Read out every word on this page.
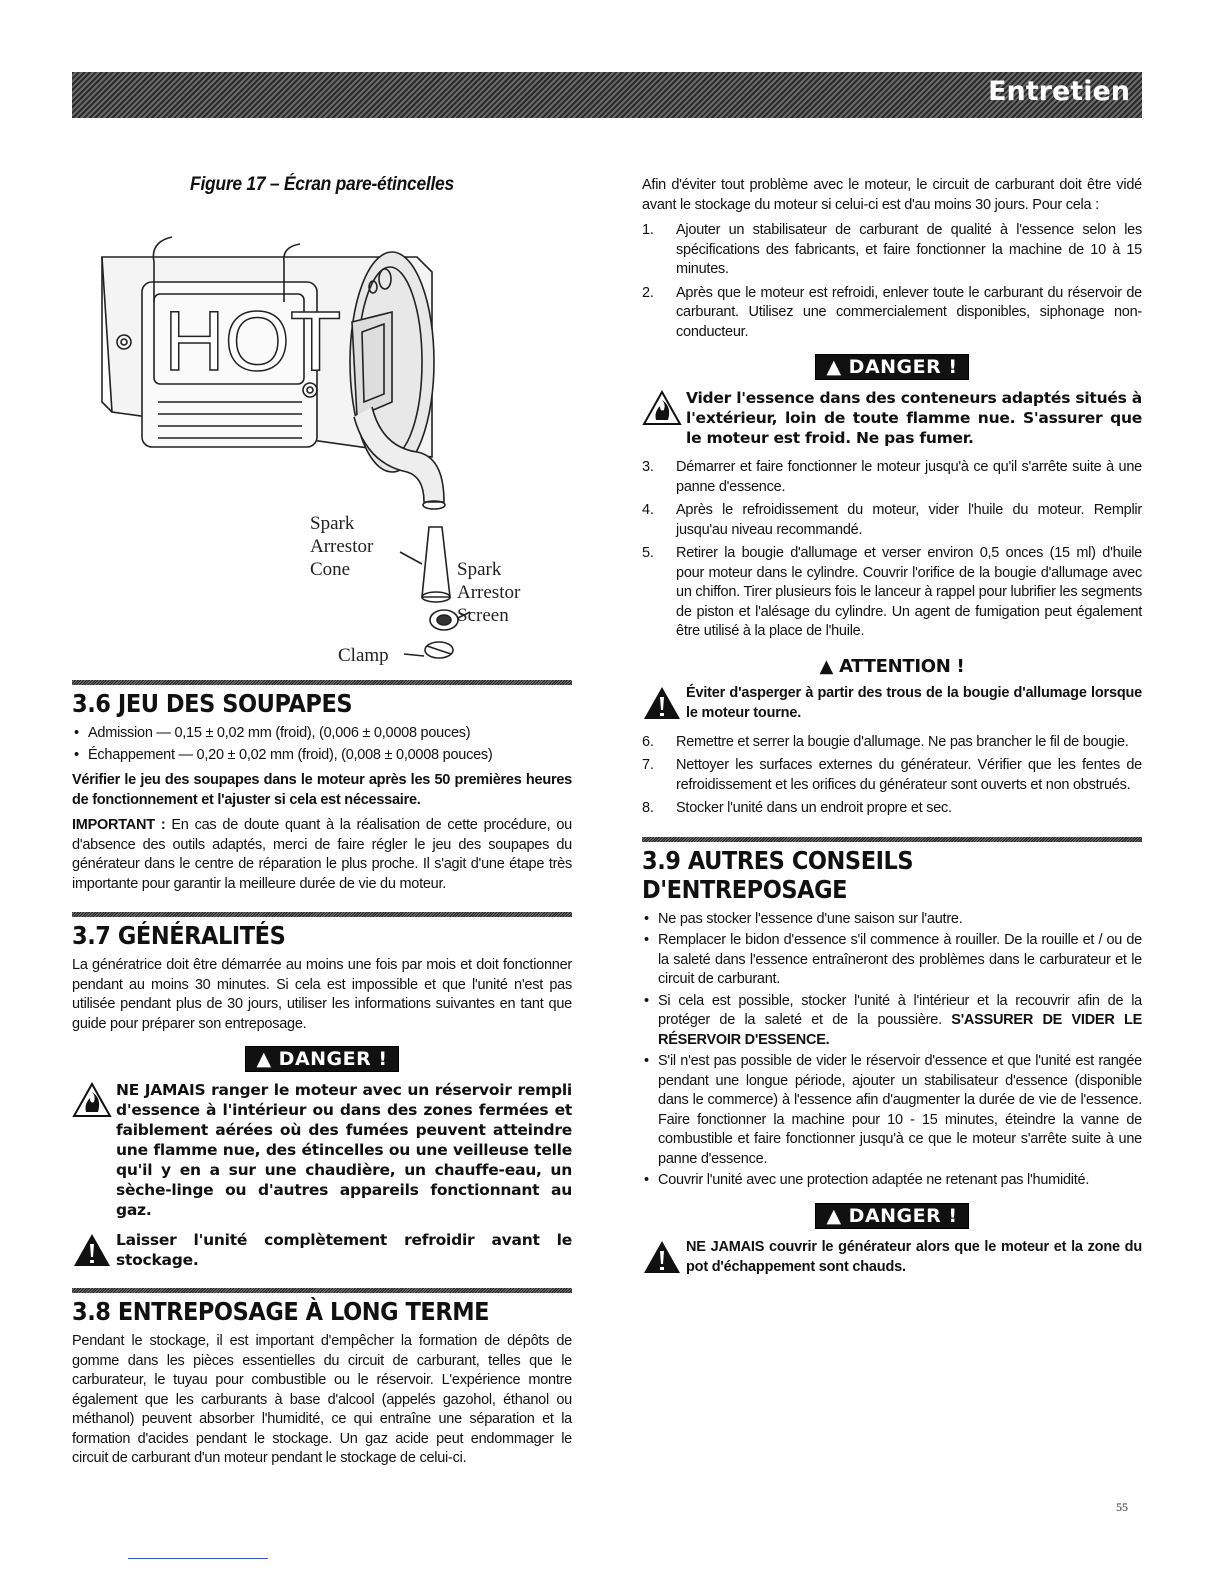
Entretien
Figure 17 – Écran pare-étincelles
HOT
Spark
Arrestor
Cone	Spark
Arrestor
Screen
Clamp
3.6 JEU DES SOUPAPES
• Admission — 0,15 ± 0,02 mm (froid), (0,006 ± 0,0008 pouces)
• Échappement — 0,20 ± 0,02 mm (froid), (0,008 ± 0,0008 pouces)

Vérifier le jeu des soupapes dans le moteur après les 50 premières heures de fonctionnement et l'ajuster si cela est nécessaire.

IMPORTANT : En cas de doute quant à la réalisation de cette procédure, ou d'absence des outils adaptés, merci de faire régler le jeu des soupapes du générateur dans le centre de réparation le plus proche. Il s'agit d'une étape très importante pour garantir la meilleure durée de vie du moteur.

3.7 GÉNÉRALITÉS

La génératrice doit être démarrée au moins une fois par mois et doit fonctionner pendant au moins 30 minutes. Si cela est impossible et que l'unité n'est pas utilisée pendant plus de 30 jours, utiliser les informations suivantes en tant que guide pour préparer son entreposage.

▲ DANGER !

NE JAMAIS ranger le moteur avec un réservoir rempli d'essence à l'intérieur ou dans des zones fermées et faiblement aérées où des fumées peuvent atteindre une flamme nue, des étincelles ou une veilleuse telle qu'il y en a sur une chaudière, un chauffe-eau, un sèche-linge ou d'autres appareils fonctionnant au gaz.

Laisser l'unité complètement refroidir avant le stockage.

3.8 ENTREPOSAGE À LONG TERME

Pendant le stockage, il est important d'empêcher la formation de dépôts de gomme dans les pièces essentielles du circuit de carburant, telles que le carburateur, le tuyau pour combustible ou le réservoir. L'expérience montre également que les carburants à base d'alcool (appelés gazohol, éthanol ou méthanol) peuvent absorber l'humidité, ce qui entraîne une séparation et la formation d'acides pendant le stockage. Un gaz acide peut endommager le circuit de carburant d'un moteur pendant le stockage de celui-ci.

Afin d'éviter tout problème avec le moteur, le circuit de carburant doit être vidé avant le stockage du moteur si celui-ci est d'au moins 30 jours. Pour cela :

1. Ajouter un stabilisateur de carburant de qualité à l'essence selon les spécifications des fabricants, et faire fonctionner la machine de 10 à 15 minutes.
2. Après que le moteur est refroidi, enlever toute le carburant du réservoir de carburant. Utilisez une commercialement disponibles, siphonage non-conducteur.
▲ DANGER !

Vider l'essence dans des conteneurs adaptés situés à l'extérieur, loin de toute flamme nue. S'assurer que le moteur est froid. Ne pas fumer.

3. Démarrer et faire fonctionner le moteur jusqu'à ce qu'il s'arrête suite à une panne d'essence.
4. Après le refroidissement du moteur, vider l'huile du moteur. Remplir jusqu'au niveau recommandé.
5. Retirer la bougie d'allumage et verser environ 0,5 onces (15 ml) d'huile pour moteur dans le cylindre. Couvrir l'orifice de la bougie d'allumage avec un chiffon. Tirer plusieurs fois le lanceur à rappel pour lubrifier les segments de piston et l'alésage du cylindre. Un agent de fumigation peut également être utilisé à la place de l'huile.
▲ ATTENTION !

Éviter d'asperger à partir des trous de la bougie d'allumage lorsque le moteur tourne.

6. Remettre et serrer la bougie d'allumage. Ne pas brancher le fil de bougie.
7. Nettoyer les surfaces externes du générateur. Vérifier que les fentes de refroidissement et les orifices du générateur sont ouverts et non obstrués.
8. Stocker l'unité dans un endroit propre et sec.
3.9 AUTRES CONSEILS D'ENTREPOSAGE
• Ne pas stocker l'essence d'une saison sur l'autre.
• Remplacer le bidon d'essence s'il commence à rouiller. De la rouille et / ou de la saleté dans l'essence entraîneront des problèmes dans le carburateur et le circuit de carburant.
• Si cela est possible, stocker l'unité à l'intérieur et la recouvrir afin de la protéger de la saleté et de la poussière. S'ASSURER DE VIDER LE RÉSERVOIR D'ESSENCE.
• S'il n'est pas possible de vider le réservoir d'essence et que l'unité est rangée pendant une longue période, ajouter un stabilisateur d'essence (disponible dans le commerce) à l'essence afin d'augmenter la durée de vie de l'essence. Faire fonctionner la machine pour 10 - 15 minutes, éteindre la vanne de combustible et faire fonctionner jusqu'à ce que le moteur s'arrête suite à une panne d'essence.
• Couvrir l'unité avec une protection adaptée ne retenant pas l'humidité.
▲ DANGER !

NE JAMAIS couvrir le générateur alors que le moteur et la zone du pot d'échappement sont chauds.

55
